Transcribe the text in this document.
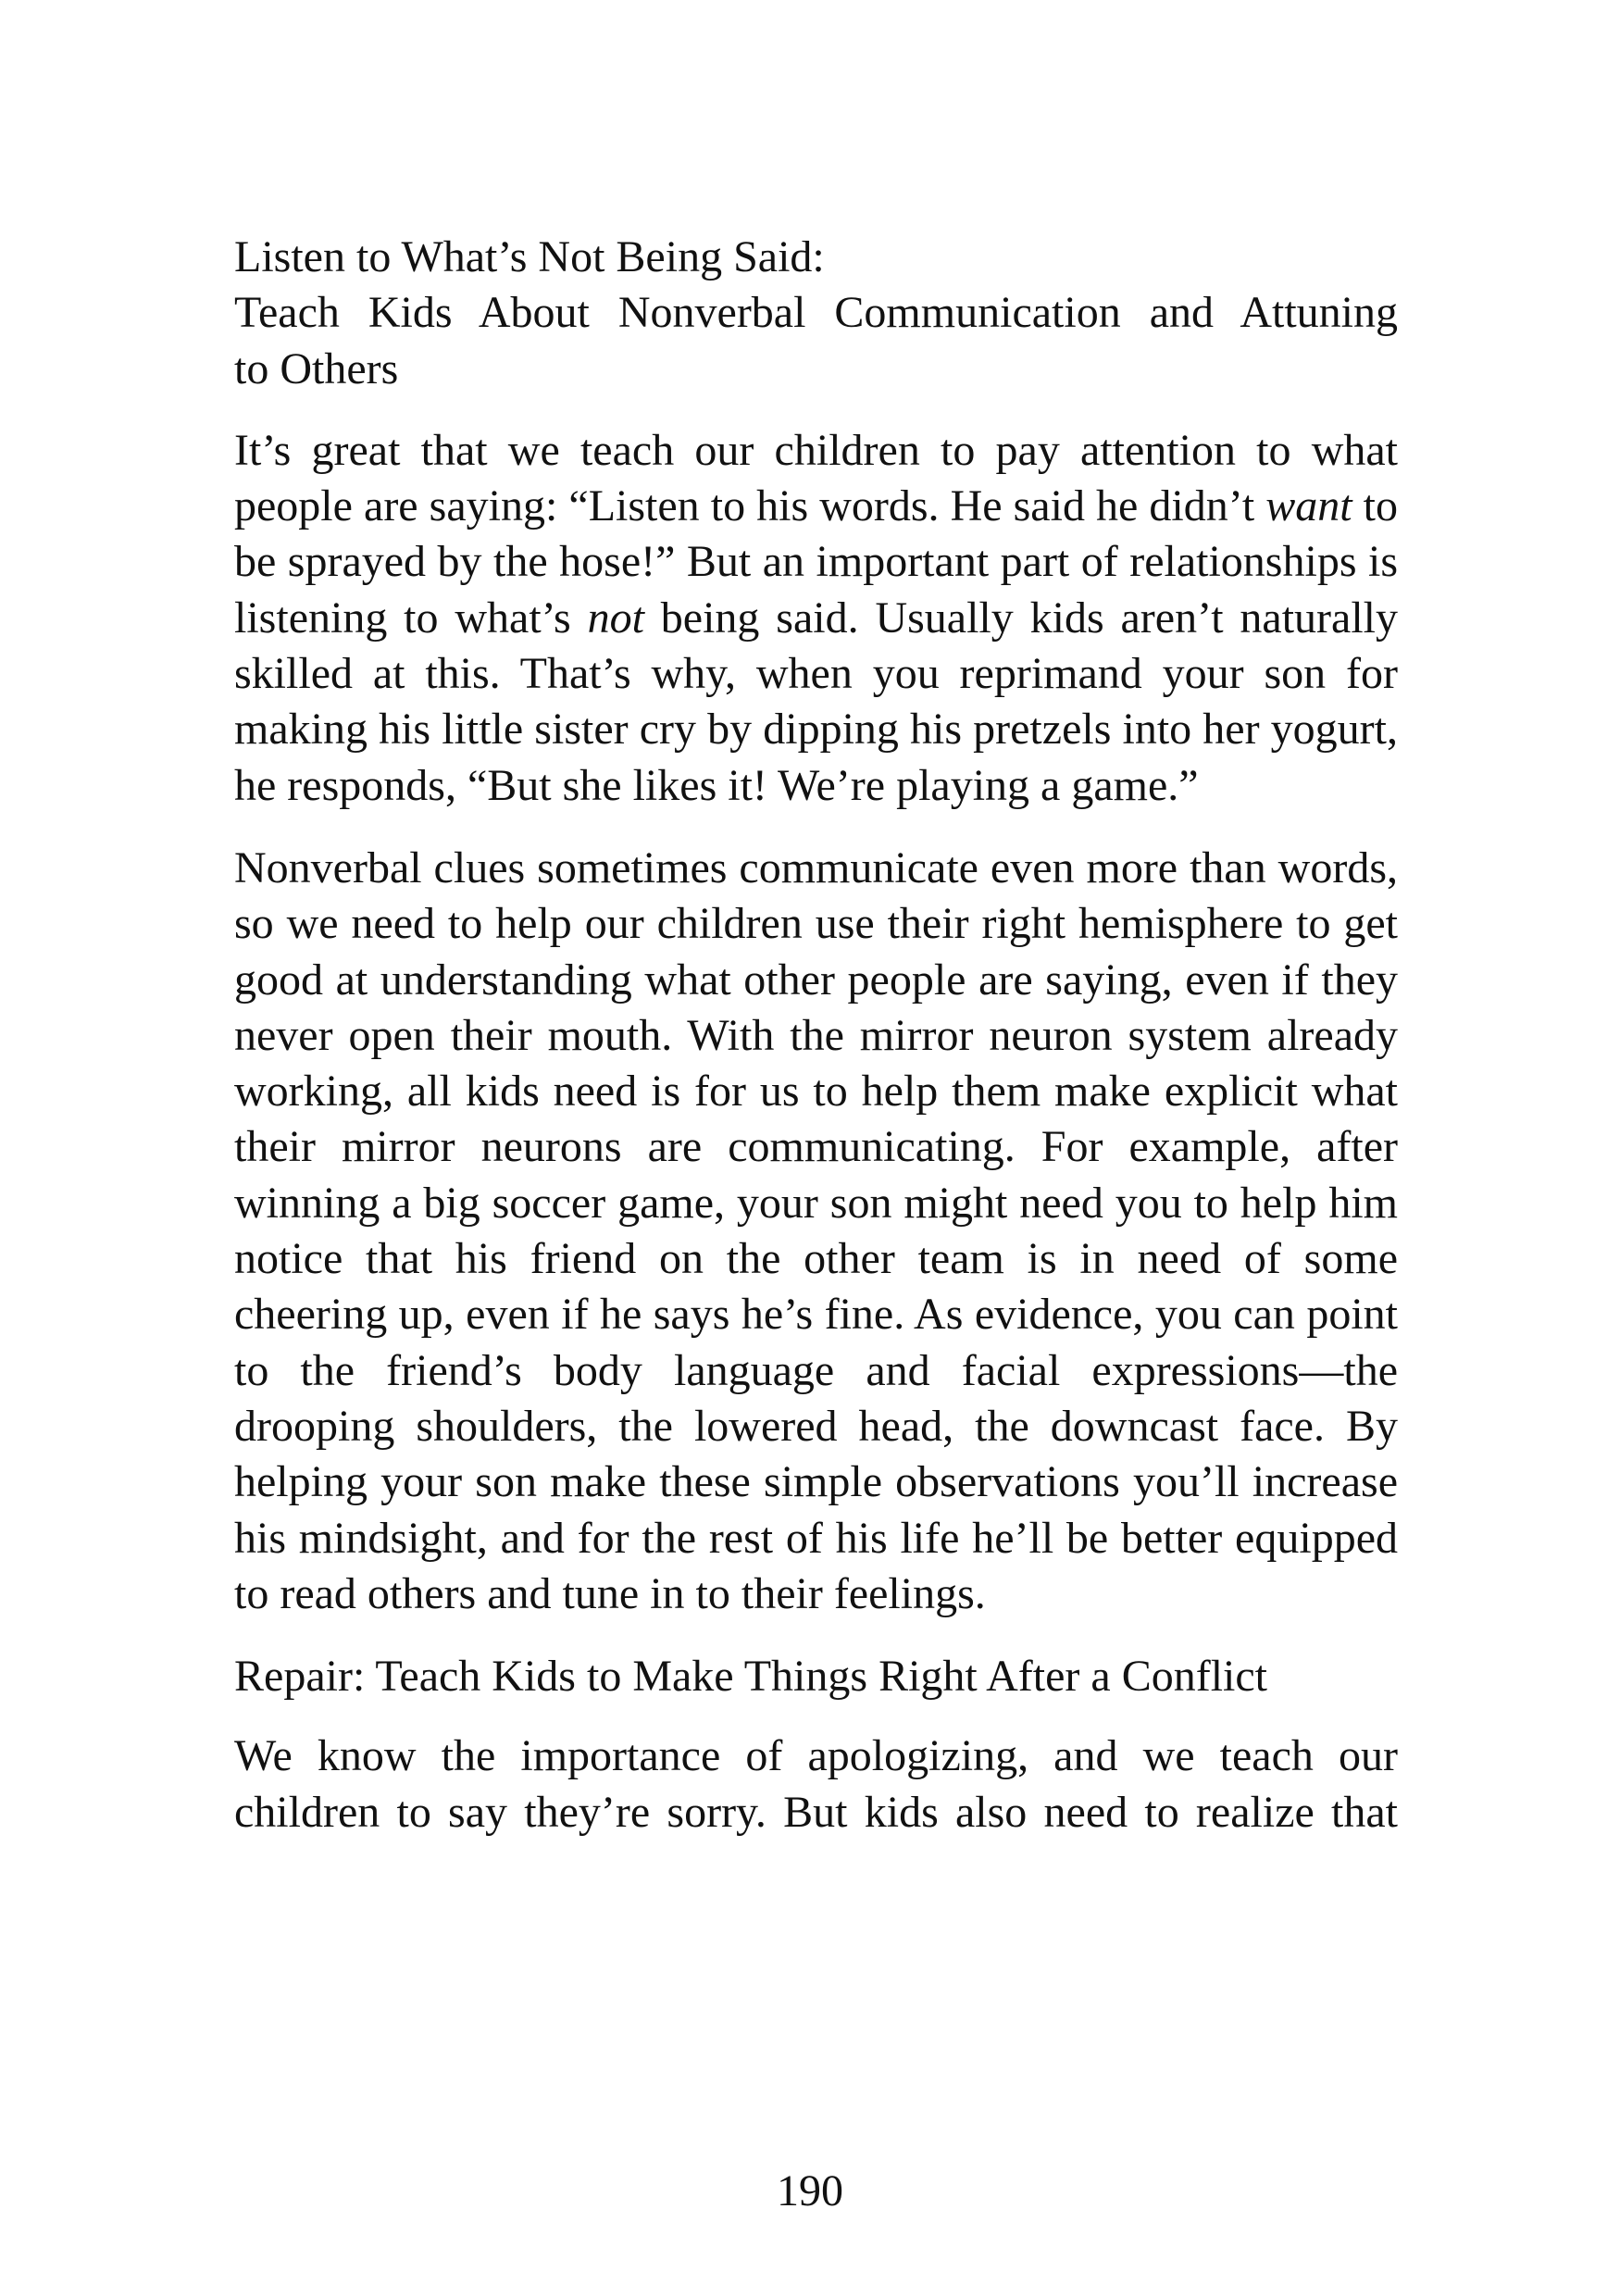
Listen to What’s Not Being Said:
Teach Kids About Nonverbal Communication and Attuning
to Others

It’s great that we teach our children to pay attention to what people are saying: “Listen to his words. He said he didn’t want to be sprayed by the hose!” But an important part of relationships is listening to what’s not being said. Usually kids aren’t naturally skilled at this. That’s why, when you reprimand your son for making his little sister cry by dipping his pretzels into her yogurt, he responds, “But she likes it! We’re playing a game.”

Nonverbal clues sometimes communicate even more than words, so we need to help our children use their right hemisphere to get good at understanding what other people are saying, even if they never open their mouth. With the mirror neuron system already working, all kids need is for us to help them make explicit what their mirror neurons are communicating. For example, after winning a big soccer game, your son might need you to help him notice that his friend on the other team is in need of some cheering up, even if he says he’s fine. As evidence, you can point to the friend’s body language and facial expressions—the drooping shoulders, the lowered head, the downcast face. By helping your son make these simple observations you’ll increase his mindsight, and for the rest of his life he’ll be better equipped to read others and tune in to their feelings.

Repair: Teach Kids to Make Things Right After a Conflict

We know the importance of apologizing, and we teach our children to say they’re sorry. But kids also need to realize that

190
